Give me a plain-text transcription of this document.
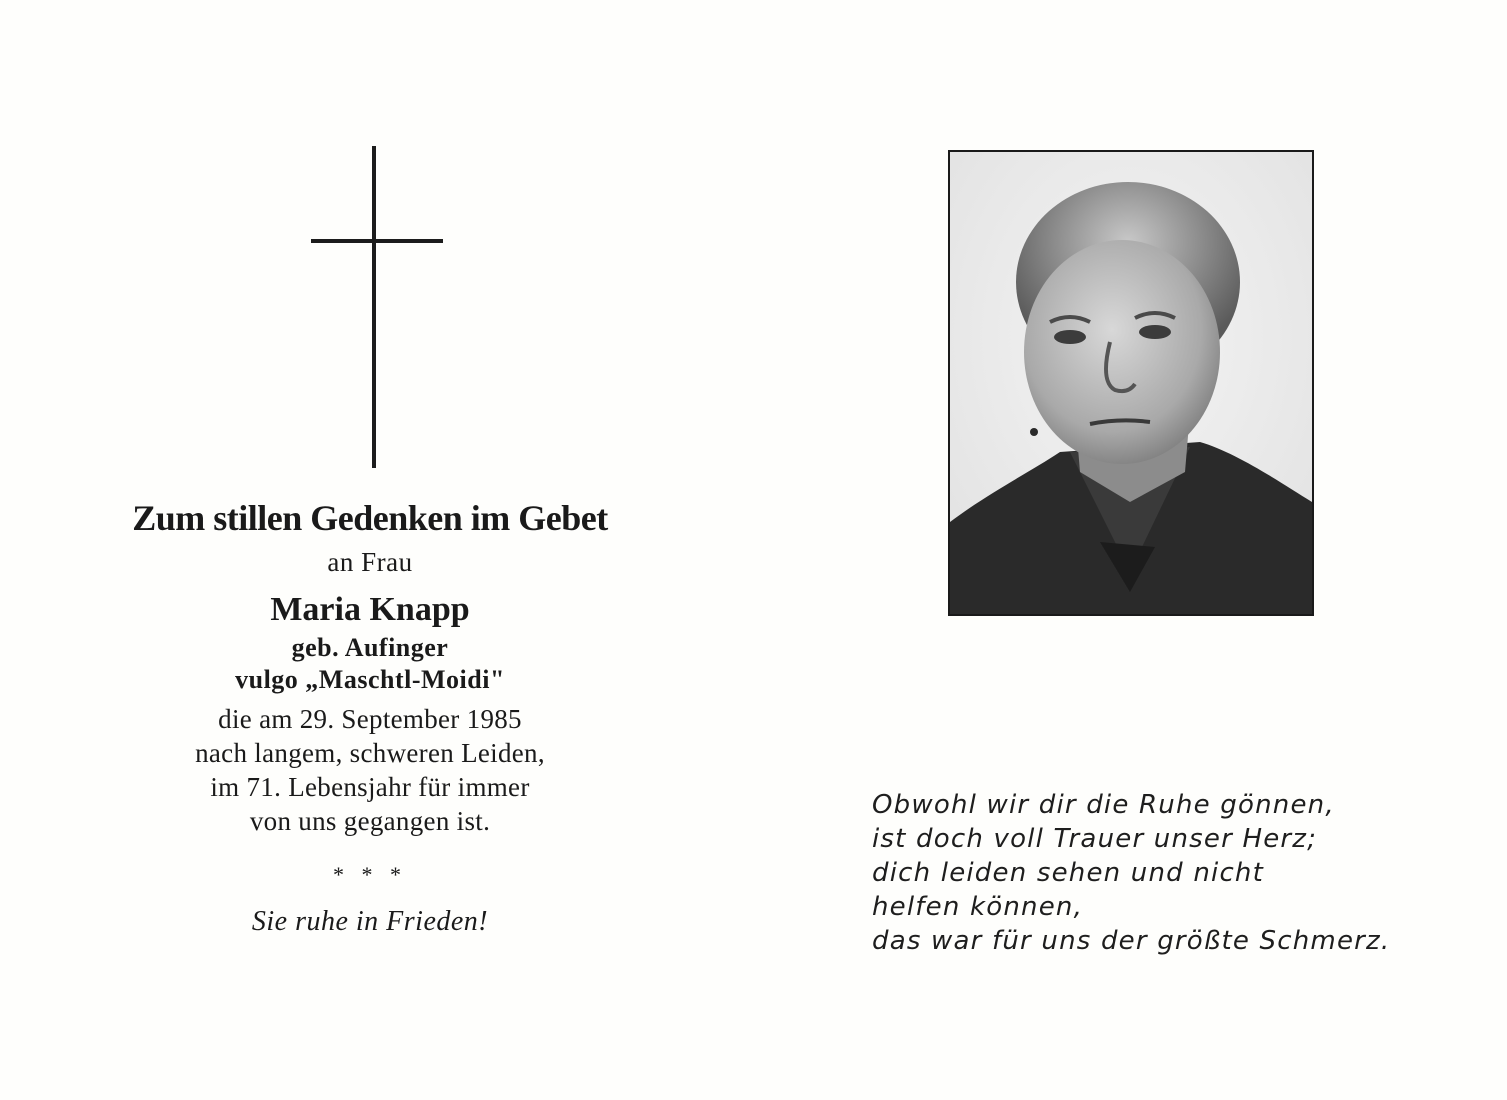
Zum stillen Gedenken im Gebet

an Frau

Maria Knapp

geb. Aufinger

vulgo „Maschtl-Moidi"

die am 29. September 1985
nach langem, schweren Leiden,
im 71. Lebensjahr für immer
von uns gegangen ist.

* * *

Sie ruhe in Frieden!

Obwohl wir dir die Ruhe gönnen,
ist doch voll Trauer unser Herz;
dich leiden sehen und nicht
helfen können,
das war für uns der größte Schmerz.
